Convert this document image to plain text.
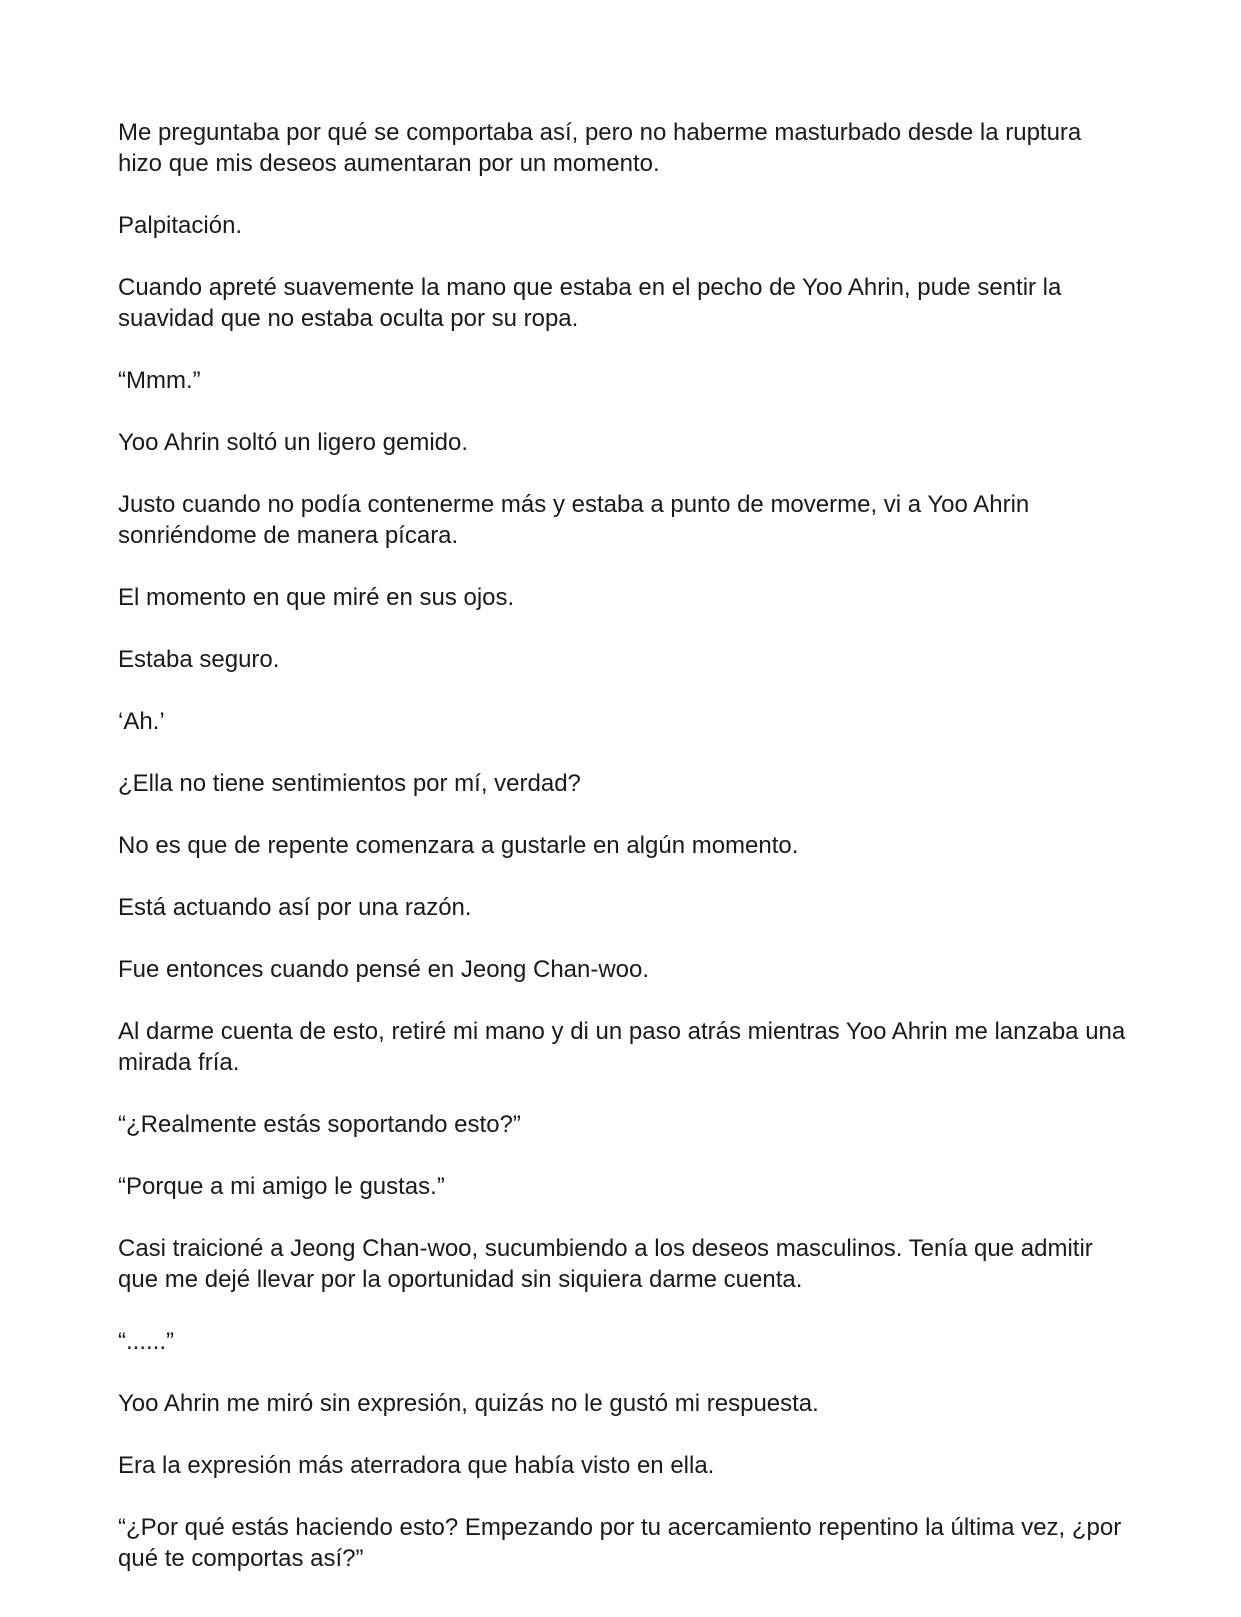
Me preguntaba por qué se comportaba así, pero no haberme masturbado desde la ruptura hizo que mis deseos aumentaran por un momento.

Palpitación.

Cuando apreté suavemente la mano que estaba en el pecho de Yoo Ahrin, pude sentir la suavidad que no estaba oculta por su ropa.

“Mmm.”

Yoo Ahrin soltó un ligero gemido.

Justo cuando no podía contenerme más y estaba a punto de moverme, vi a Yoo Ahrin sonriéndome de manera pícara.

El momento en que miré en sus ojos.

Estaba seguro.

‘Ah.’

¿Ella no tiene sentimientos por mí, verdad?

No es que de repente comenzara a gustarle en algún momento.

Está actuando así por una razón.

Fue entonces cuando pensé en Jeong Chan-woo.

Al darme cuenta de esto, retiré mi mano y di un paso atrás mientras Yoo Ahrin me lanzaba una mirada fría.

“¿Realmente estás soportando esto?”

“Porque a mi amigo le gustas.”

Casi traicioné a Jeong Chan-woo, sucumbiendo a los deseos masculinos. Tenía que admitir que me dejé llevar por la oportunidad sin siquiera darme cuenta.

“......”

Yoo Ahrin me miró sin expresión, quizás no le gustó mi respuesta.

Era la expresión más aterradora que había visto en ella.

“¿Por qué estás haciendo esto? Empezando por tu acercamiento repentino la última vez, ¿por qué te comportas así?”
